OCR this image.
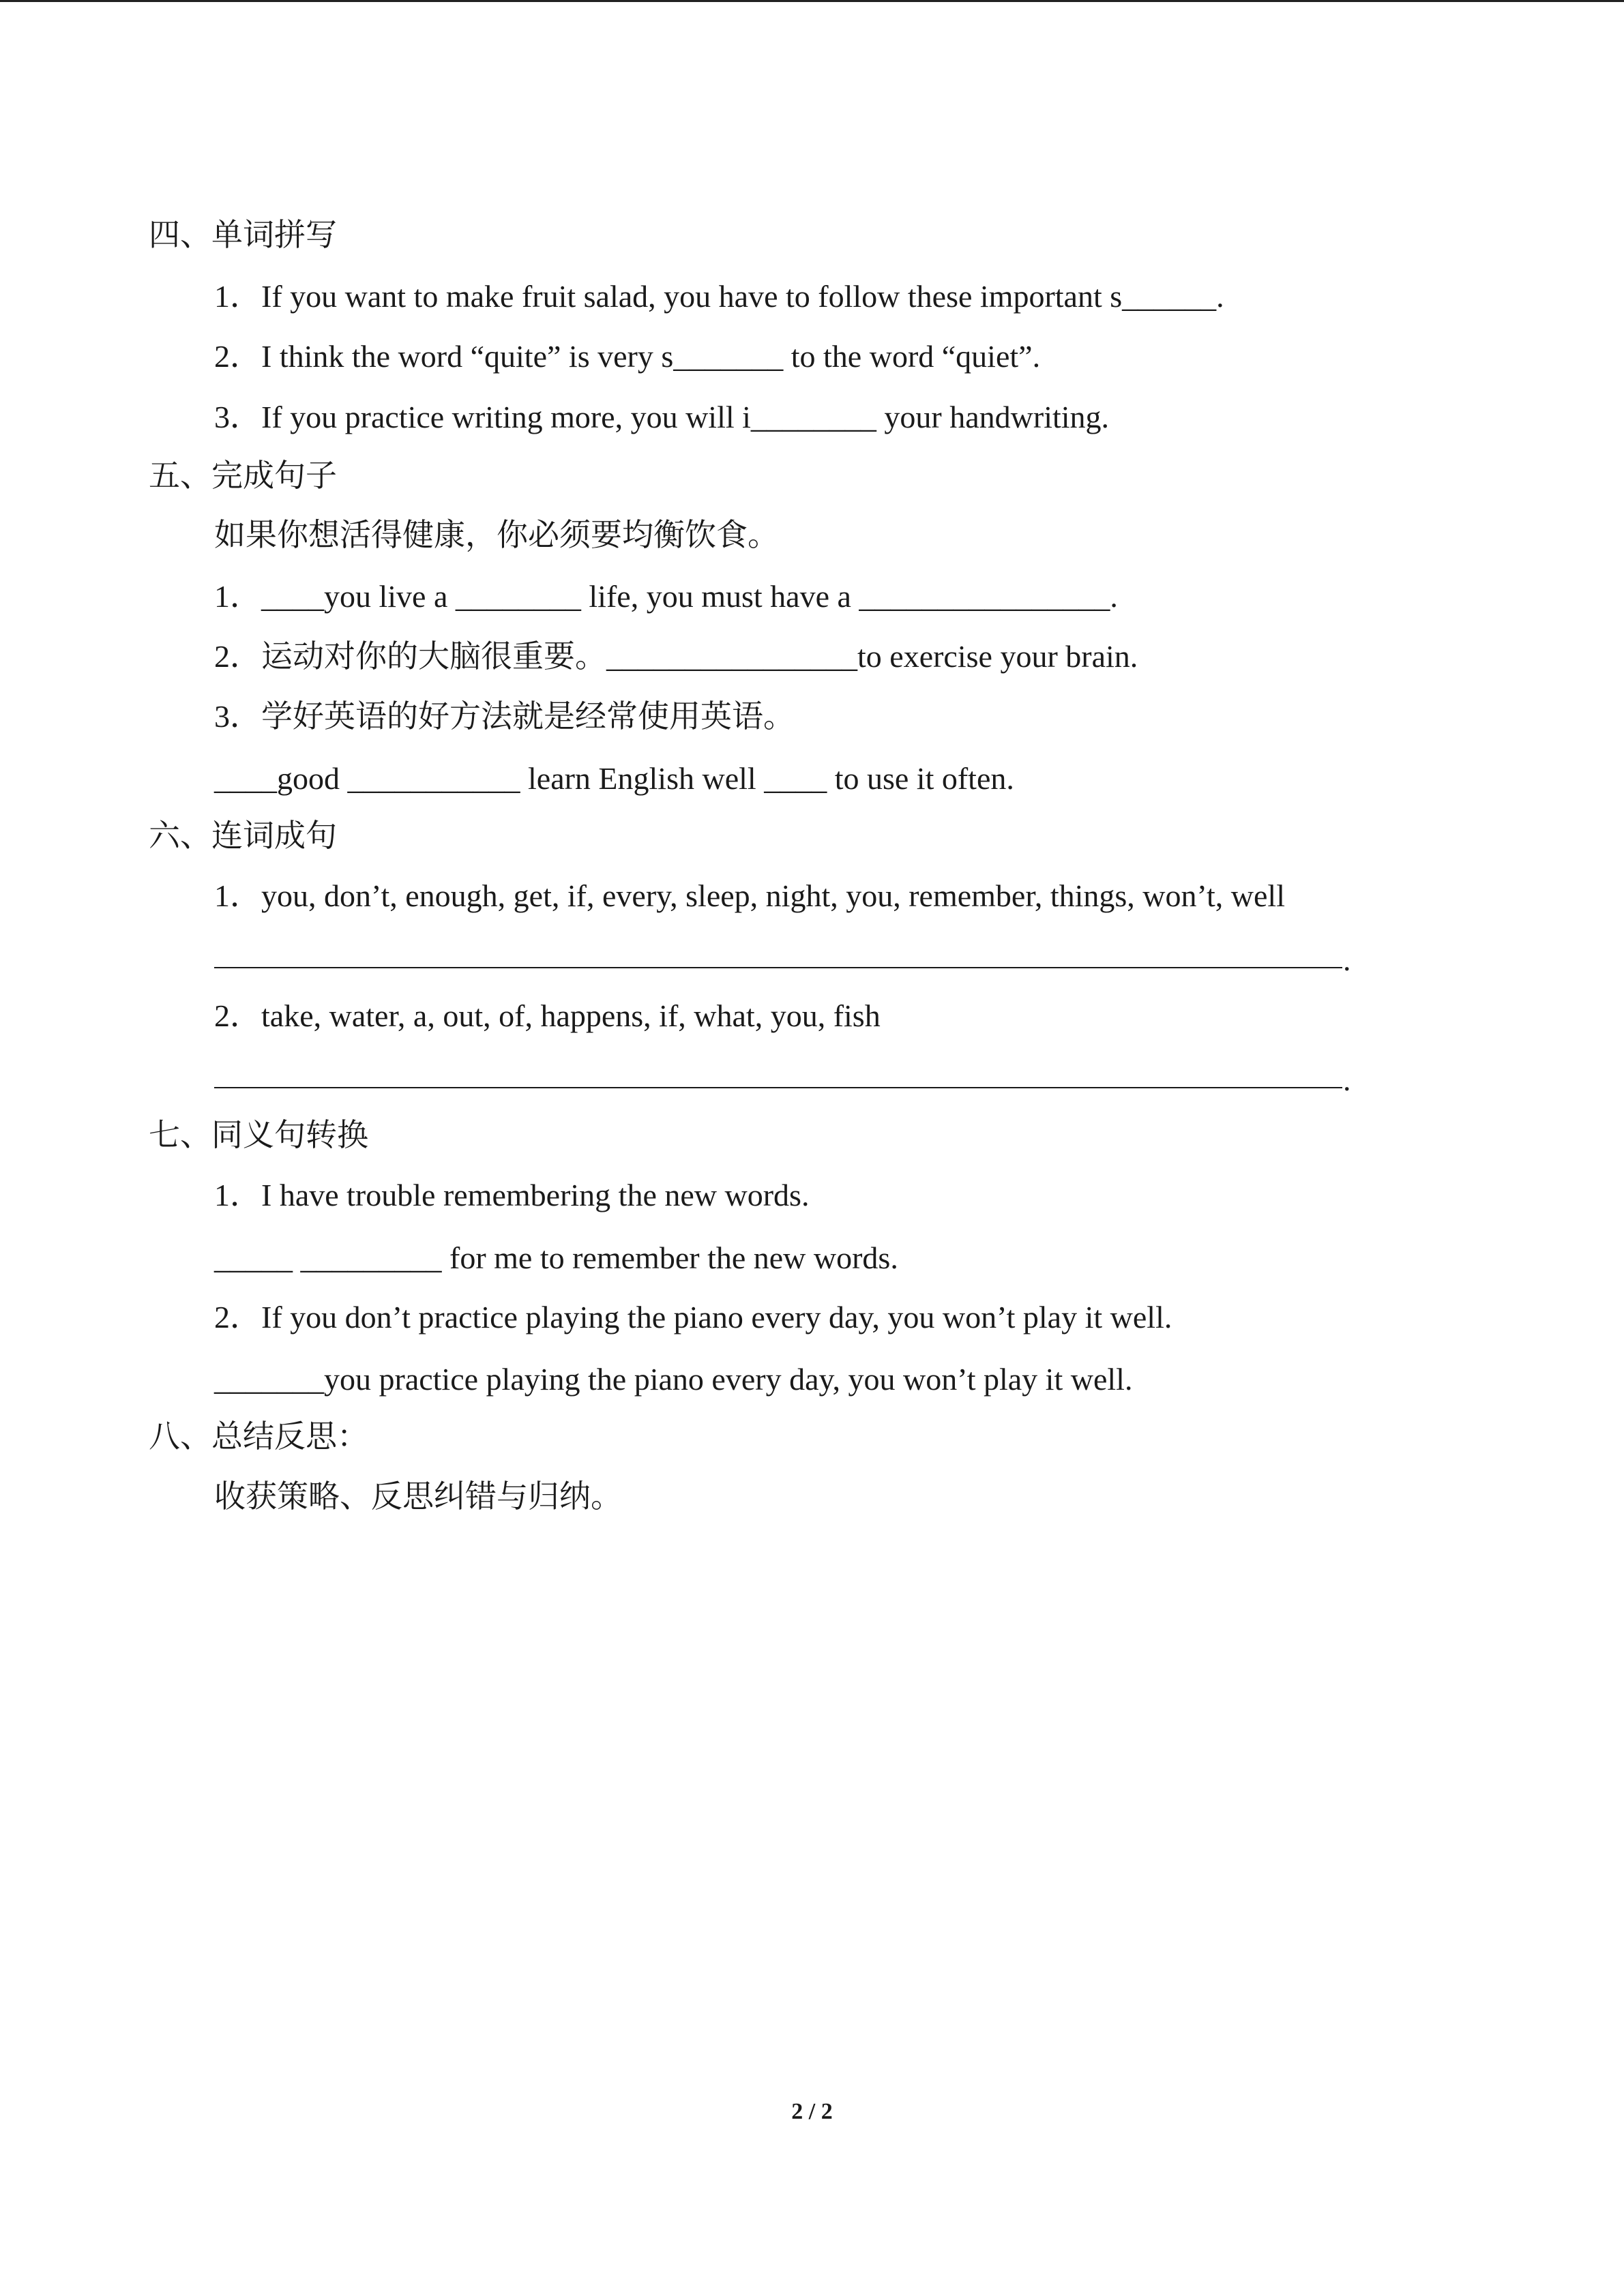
四、单词拼写
1．If you want to make fruit salad, you have to follow these important s______.
2．I think the word “quite” is very s_______ to the word “quiet”.
3．If you practice writing more, you will i________ your handwriting.
五、完成句子
如果你想活得健康，你必须要均衡饮食。
1．____you live a ________ life, you must have a ________________.
2．运动对你的大脑很重要。________________to exercise your brain.
3．学好英语的好方法就是经常使用英语。
____good ___________ learn English well ____ to use it often.
六、连词成句
1．you, don’t, enough, get, if, every, sleep, night, you, remember, things, won’t, well
.
2．take, water, a, out, of, happens, if, what, you, fish
.
七、同义句转换
1．I have trouble remembering the new words.
_____ _________ for me to remember the new words.
2．If you don’t practice playing the piano every day, you won’t play it well.
_______you practice playing the piano every day, you won’t play it well.
八、总结反思：
收获策略、反思纠错与归纳。
2 / 2
